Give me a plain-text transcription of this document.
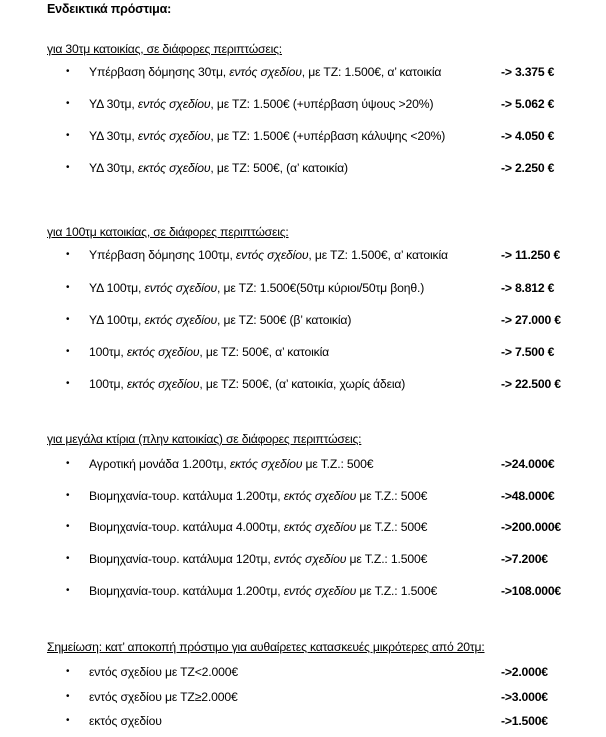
Ενδεικτικά πρόστιμα:
για 30τμ κατοικίας, σε διάφορες περιπτώσεις:
• Υπέρβαση δόμησης 30τμ, εντός σχεδίου, με ΤΖ: 1.500€, α’ κατοικία	-> 3.375 €
• ΥΔ 30τμ, εντός σχεδίου, με ΤΖ: 1.500€ (+υπέρβαση ύψους >20%)	-> 5.062 €
• ΥΔ 30τμ, εντός σχεδίου, με ΤΖ: 1.500€ (+υπέρβαση κάλυψης <20%)	-> 4.050 €
• ΥΔ 30τμ, εκτός σχεδίου, με ΤΖ: 500€, (α’ κατοικία)	-> 2.250 €
για 100τμ κατοικίας, σε διάφορες περιπτώσεις:
• Υπέρβαση δόμησης 100τμ, εντός σχεδίου, με ΤΖ: 1.500€, α’ κατοικία	-> 11.250 €
• ΥΔ 100τμ, εντός σχεδίου, με ΤΖ: 1.500€(50τμ κύριοι/50τμ βοηθ.)	-> 8.812 €
• ΥΔ 100τμ, εκτός σχεδίου, με ΤΖ: 500€ (β’ κατοικία)	-> 27.000 €
• 100τμ, εκτός σχεδίου, με ΤΖ: 500€, α’ κατοικία	-> 7.500 €
• 100τμ, εκτός σχεδίου, με ΤΖ: 500€, (α’ κατοικία, χωρίς άδεια)	-> 22.500 €
για μεγάλα κτίρια (πλην κατοικίας) σε διάφορες περιπτώσεις:
• Αγροτική μονάδα 1.200τμ, εκτός σχεδίου με Τ.Ζ.: 500€	->24.000€
• Βιομηχανία-τουρ. κατάλυμα 1.200τμ, εκτός σχεδίου με Τ.Ζ.: 500€	->48.000€
• Βιομηχανία-τουρ. κατάλυμα 4.000τμ, εκτός σχεδίου με Τ.Ζ.: 500€	->200.000€
• Βιομηχανία-τουρ. κατάλυμα 120τμ, εντός σχεδίου με Τ.Ζ.: 1.500€	->7.200€
• Βιομηχανία-τουρ. κατάλυμα 1.200τμ, εντός σχεδίου με Τ.Ζ.: 1.500€	->108.000€
Σημείωση: κατ’ αποκοπή πρόστιμο για αυθαίρετες κατασκευές μικρότερες από 20τμ:
• εντός σχεδίου με ΤΖ<2.000€	->2.000€
• εντός σχεδίου με ΤΖ≥2.000€	->3.000€
• εκτός σχεδίου	->1.500€
